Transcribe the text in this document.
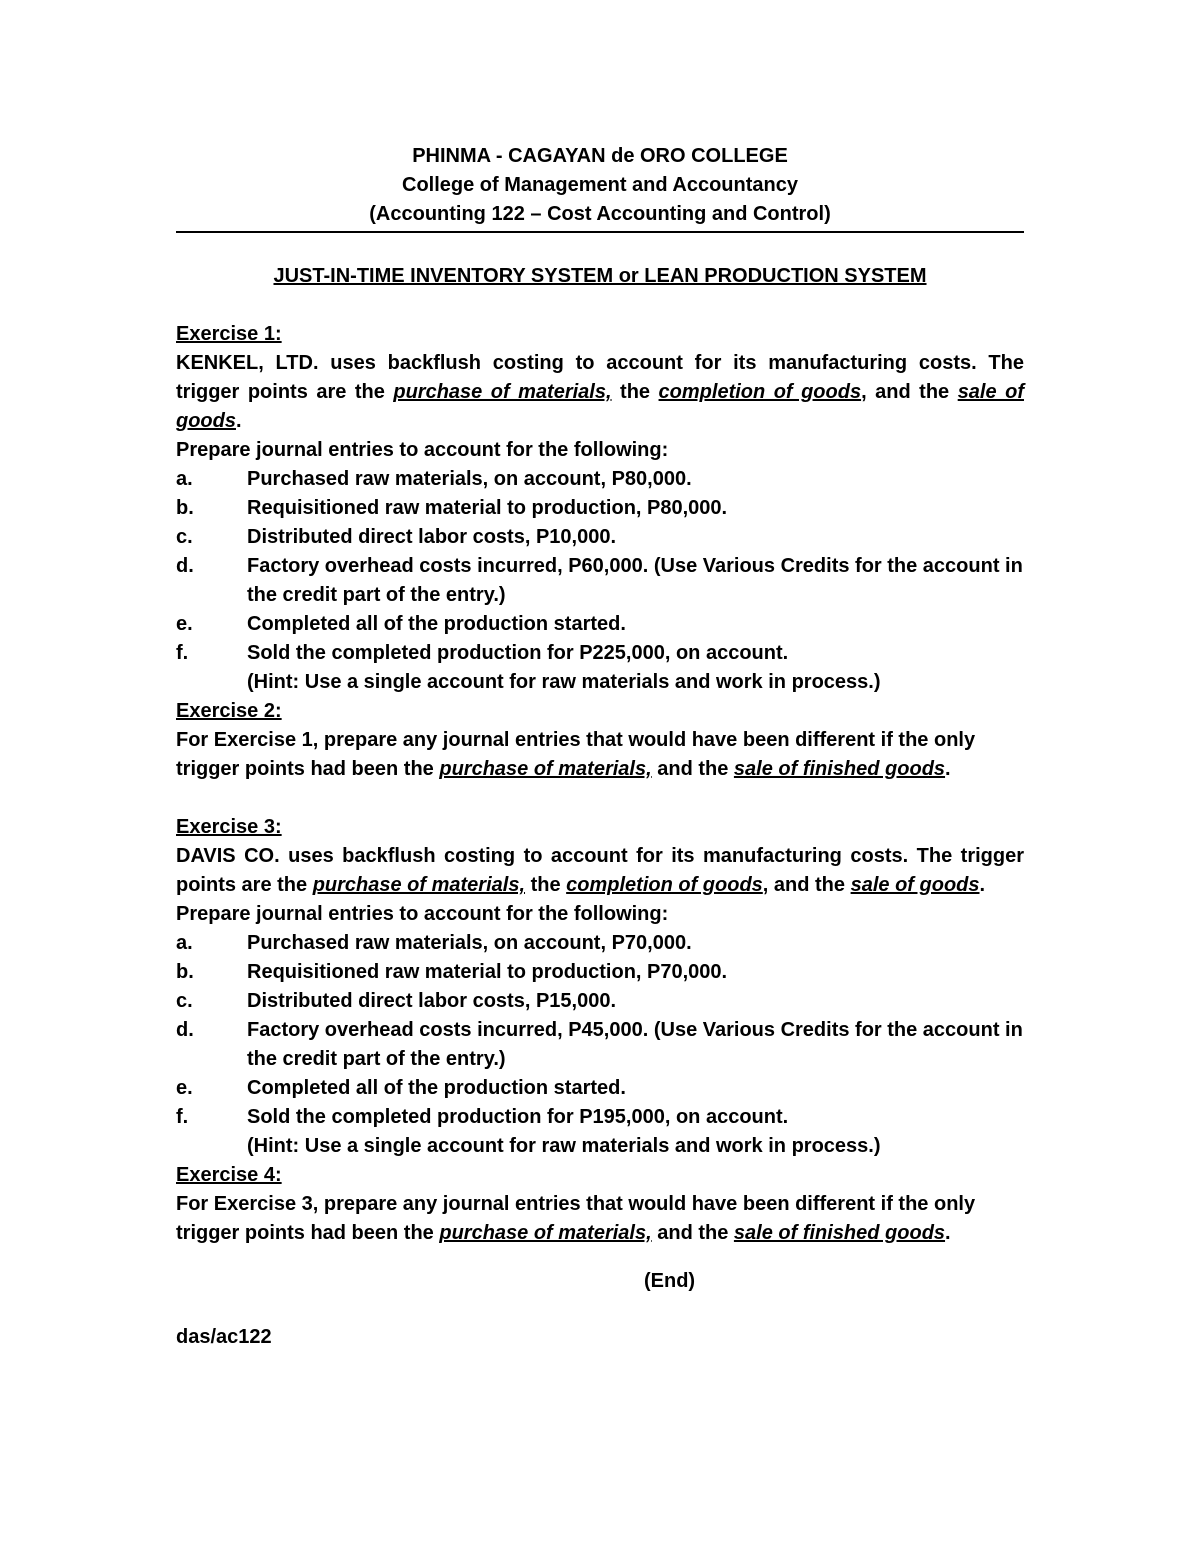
PHINMA - CAGAYAN de ORO COLLEGE
College of Management and Accountancy
(Accounting 122 – Cost Accounting and Control)
JUST-IN-TIME INVENTORY SYSTEM or LEAN PRODUCTION SYSTEM
Exercise 1:
KENKEL, LTD. uses backflush costing to account for its manufacturing costs. The trigger points are the purchase of materials, the completion of goods, and the sale of goods.
Prepare journal entries to account for the following:
a.	Purchased raw materials, on account, P80,000.
b.	Requisitioned raw material to production, P80,000.
c.	Distributed direct labor costs, P10,000.
d.	Factory overhead costs incurred, P60,000. (Use Various Credits for the account in the credit part of the entry.)
e.	Completed all of the production started.
f.	Sold the completed production for P225,000, on account.
(Hint: Use a single account for raw materials and work in process.)
Exercise 2:
For Exercise 1, prepare any journal entries that would have been different if the only trigger points had been the purchase of materials, and the sale of finished goods.
Exercise 3:
DAVIS CO. uses backflush costing to account for its manufacturing costs. The trigger points are the purchase of materials, the completion of goods, and the sale of goods.
Prepare journal entries to account for the following:
a.	Purchased raw materials, on account, P70,000.
b.	Requisitioned raw material to production, P70,000.
c.	Distributed direct labor costs, P15,000.
d.	Factory overhead costs incurred, P45,000. (Use Various Credits for the account in the credit part of the entry.)
e.	Completed all of the production started.
f.	Sold the completed production for P195,000, on account.
(Hint: Use a single account for raw materials and work in process.)
Exercise 4:
For Exercise 3, prepare any journal entries that would have been different if the only trigger points had been the purchase of materials, and the sale of finished goods.
(End)
das/ac122
